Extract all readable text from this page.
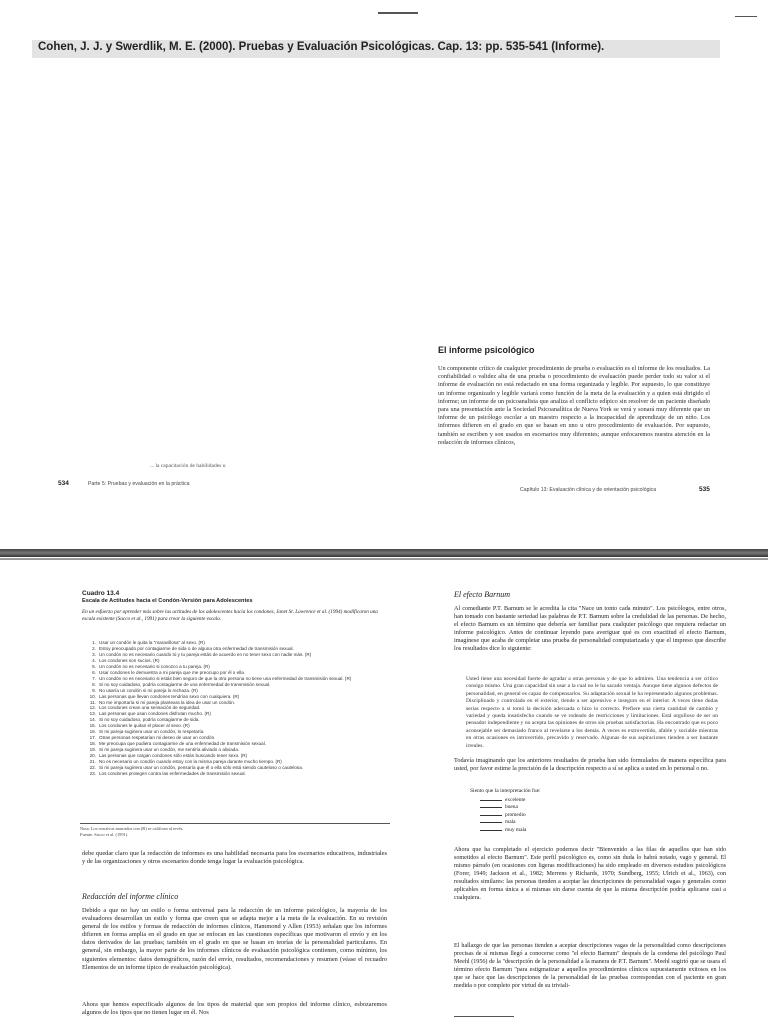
Cohen, J. J. y Swerdlik, M. E. (2000). Pruebas y Evaluación Psicológicas. Cap. 13: pp. 535-541 (Informe).
El informe psicológico
Un componente crítico de cualquier procedimiento de prueba o evaluación es el informe de los resultados. La confiabilidad o validez alta de una prueba o procedimiento de evaluación puede perder todo su valor si el informe de evaluación no está redactado en una forma organizada y legible. Por supuesto, lo que constituye un informe organizado y legible variará como función de la meta de la evaluación y a quien está dirigido el informe; un informe de un psicoanalista que analiza el conflicto edípico sin resolver de un paciente diseñado para una presentación ante la Sociedad Psicoanalítica de Nueva York se verá y sonará muy diferente que un informe de un psicólogo escolar a un maestro respecto a la incapacidad de aprendizaje de un niño. Los informes difieren en el grado en que se basan en uno u otro procedimiento de evaluación. Por supuesto, también se escriben y son usados en escenarios muy diferentes; aunque enfocaremos nuestra atención en la redacción de informes clínicos,
... la capacitación de habilidades u
534	Parte 5: Pruebas y evaluación en la práctica
Capítulo 13: Evaluación clínica y de orientación psicológica	535
Cuadro 13.4
Escala de Actitudes hacia el Condón-Versión para Adolescentes
En un esfuerzo por aprender más sobre las actitudes de los adolescentes hacia los condones, Janet St. Lawrence et al. (1994) modificaron una escala existente (Sacco et al., 1991) para crear la siguiente escala.
1. Usar un condón le quita la "maravillosa" al sexo. (R)
2. Estoy preocupado por contagiarme de sida o de alguna otra enfermedad de transmisión sexual.
3. Un condón no es necesario cuando tú y tu pareja estás de acuerdo en no tener sexo con nadie más. (R)
4. Los condones son sucios. (R)
5. Un condón no es necesario si conozco a tu pareja. (R)
6. Usar condones le demuestra a mi pareja que me preocupo por él o ella.
7. Un condón no es necesario si estás bien seguro de que la otra persona no tiene una enfermedad de transmisión sexual. (R)
8. Si no soy cuidadoso, podría contagiarme de una enfermedad de transmisión sexual.
9. No usaría un condón si mi pareja lo rechaza. (R)
10. Las personas que llevan condones tendrían sexo con cualquiera. (R)
11. No me importaría si mi pareja planteara la idea de usar un condón.
12. Los condones crean una sensación de seguridad.
13. Las personas que usan condones disfrutan mucho. (R)
14. Si no soy cuidadoso, podría contagiarme de sida.
15. Los condones le quitan el placer al sexo. (R)
16. Si mi pareja sugiriera usar un condón, lo respetaría.
17. Otras personas respetarían mi deseo de usar un condón.
18. Me preocupa que pudiera contagiarme de una enfermedad de transmisión sexual.
19. Si mi pareja sugiriera usar un condón, me sentiría aliviado o aliviada.
20. Las personas que cargan condones sólo están buscando tener sexo. (R)
21. No es necesario un condón cuando estoy con la misma pareja durante mucho tiempo. (R)
22. Si mi pareja sugiriera usar un condón, pensaría que él o ella sólo está siendo cauteloso o cautelosa.
23. Los condones protegen contra las enfermedades de transmisión sexual.
Nota: Los reactivos marcados con (R) se califican al revés.
Fuente: Sacco et al. (1991).
debe quedar claro que la redacción de informes es una habilidad necesaria para los escenarios educativos, industriales y de las organizaciones y otros escenarios donde tenga lugar la evaluación psicológica.
Redacción del informe clínico
Debido a que no hay un estilo o forma universal para la redacción de un informe psicológico, la mayoría de los evaluadores desarrollan un estilo y forma que creen que se adapta mejor a la meta de la evaluación. En su revisión general de los estilos y formas de redacción de informes clínicos, Hammond y Allen (1953) señalan que los informes difieren en forma amplia en el grado en que se enfocan en las cuestiones específicas que motivaron el envío y en los datos derivados de las pruebas; también en el grado en que se basan en teorías de la personalidad particulares. En general, sin embargo, la mayor parte de los informes clínicos de evaluación psicológica contienen, como mínimo, los siguientes elementos: datos demográficos, razón del envío, resultados, recomendaciones y resumen (véase el recuadro Elementos de un informe típico de evaluación psicológica).
Ahora que hemos especificado algunos de los tipos de material que son propios del informe clínico, esbozaremos algunos de los tipos que no tienen lugar en él. Nos
El efecto Barnum
Al comediante P.T. Barnum se le acredita la cita "Nace un tonto cada minuto". Los psicólogos, entre otros, han tomado con bastante seriedad las palabras de P.T. Barnum sobre la credulidad de las personas. De hecho, el efecto Barnum es un término que debería ser familiar para cualquier psicólogo que requiera redactar un informe psicológico. Antes de continuar leyendo para averiguar qué es con exactitud el efecto Barnum, imagínese que acaba de completar una prueba de personalidad computarizada y que el impreso que describe los resultados dice lo siguiente:
Usted tiene una necesidad fuerte de agradar a otras personas y de que lo admiren. Una tendencia a ser crítico consigo mismo. Una gran capacidad sin usar a la cual no le ha sacado ventaja. Aunque tiene algunos defectos de personalidad, en general es capaz de compensarlos. Su adaptación sexual le ha representado algunos problemas. Disciplinado y controlado en el exterior, tiende a ser aprensivo e inseguro en el interior. A veces tiene dudas serias respecto a si tomó la decisión adecuada o hizo lo correcto. Prefiere una cierta cantidad de cambio y variedad y queda insatisfecho cuando se ve rodeado de restricciones y limitaciones. Está orgulloso de ser un pensador independiente y no acepta las opiniones de otros sin pruebas satisfactorias. Ha encontrado que es poco aconsejable ser demasiado franco al revelarse a los demás. A veces es extrovertido, afable y sociable mientras en otras ocasiones es introvertido, precavido y reservado. Algunas de sus aspiraciones tienden a ser bastante irreales.
Todavía imaginando que los anteriores resultados de prueba han sido formulados de manera específica para usted, por favor estime la precisión de la descripción respecto a sí se aplica a usted en lo personal o no.
Siento que la interpretación fue:
excelente
buena
promedio
mala
muy mala
Ahora que ha completado el ejercicio podemos decir "Bienvenido a las filas de aquellos que han sido sometidos al efecto Barnum". Este perfil psicológico es, como sin duda lo habrá notado, vago y general. El mismo párrafo (en ocasiones con ligeras modificaciones) ha sido empleado en diversos estudios psicológicos (Forer, 1949; Jackson et al., 1982; Merrens y Richards, 1970; Sundberg, 1955; Ulrich et al., 1963), con resultados similares: las personas tienden a aceptar las descripciones de personalidad vagas y generales como aplicables en forma única a sí mismas sin darse cuenta de que la misma descripción podría aplicarse casi a cualquiera.
El hallazgo de que las personas tienden a aceptar descripciones vagas de la personalidad como descripciones precisas de sí mismas llegó a conocerse como "el efecto Barnum" después de la condena del psicólogo Paul Meehl (1956) de la "descripción de la personalidad a la manera de P.T. Barnum". Meehl sugirió que se usara el término efecto Barnum "para estigmatizar a aquellos procedimientos clínicos supuestamente exitosos en los que se hace que las descripciones de la personalidad de las pruebas correspondan con el paciente en gran medida o por completo por virtud de su triviali-
